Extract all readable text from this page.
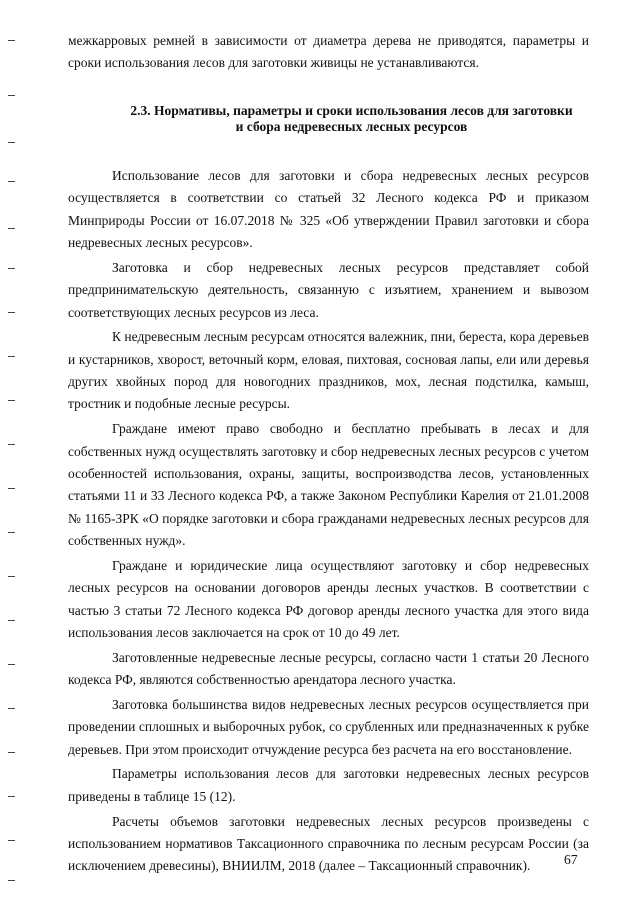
межкарровых ремней в зависимости от диаметра дерева не приводятся, параметры и сроки использования лесов для заготовки живицы не устанавливаются.

2.3. Нормативы, параметры и сроки использования лесов для заготовки
и сбора недревесных лесных ресурсов

Использование лесов для заготовки и сбора недревесных лесных ресурсов осуществляется в соответствии со статьей 32 Лесного кодекса РФ и приказом Минприроды России от 16.07.2018 № 325 «Об утверждении Правил заготовки и сбора недревесных лесных ресурсов».

Заготовка и сбор недревесных лесных ресурсов представляет собой предпринимательскую деятельность, связанную с изъятием, хранением и вывозом соответствующих лесных ресурсов из леса.

К недревесным лесным ресурсам относятся валежник, пни, береста, кора деревьев и кустарников, хворост, веточный корм, еловая, пихтовая, сосновая лапы, ели или деревья других хвойных пород для новогодних праздников, мох, лесная подстилка, камыш, тростник и подобные лесные ресурсы.

Граждане имеют право свободно и бесплатно пребывать в лесах и для собственных нужд осуществлять заготовку и сбор недревесных лесных ресурсов с учетом особенностей использования, охраны, защиты, воспроизводства лесов, установленных статьями 11 и 33 Лесного кодекса РФ, а также Законом Республики Карелия от 21.01.2008 № 1165-ЗРК «О порядке заготовки и сбора гражданами недревесных лесных ресурсов для собственных нужд».

Граждане и юридические лица осуществляют заготовку и сбор недревесных лесных ресурсов на основании договоров аренды лесных участков. В соответствии с частью 3 статьи 72 Лесного кодекса РФ договор аренды лесного участка для этого вида использования лесов заключается на срок от 10 до 49 лет.

Заготовленные недревесные лесные ресурсы, согласно части 1 статьи 20 Лесного кодекса РФ, являются собственностью арендатора лесного участка.

Заготовка большинства видов недревесных лесных ресурсов осуществляется при проведении сплошных и выборочных рубок, со срубленных или предназначенных к рубке деревьев. При этом происходит отчуждение ресурса без расчета на его восстановление.

Параметры использования лесов для заготовки недревесных лесных ресурсов приведены в таблице 15 (12).

Расчеты объемов заготовки недревесных лесных ресурсов произведены с использованием нормативов Таксационного справочника по лесным ресурсам России (за исключением древесины), ВНИИЛМ, 2018 (далее – Таксационный справочник).	67
